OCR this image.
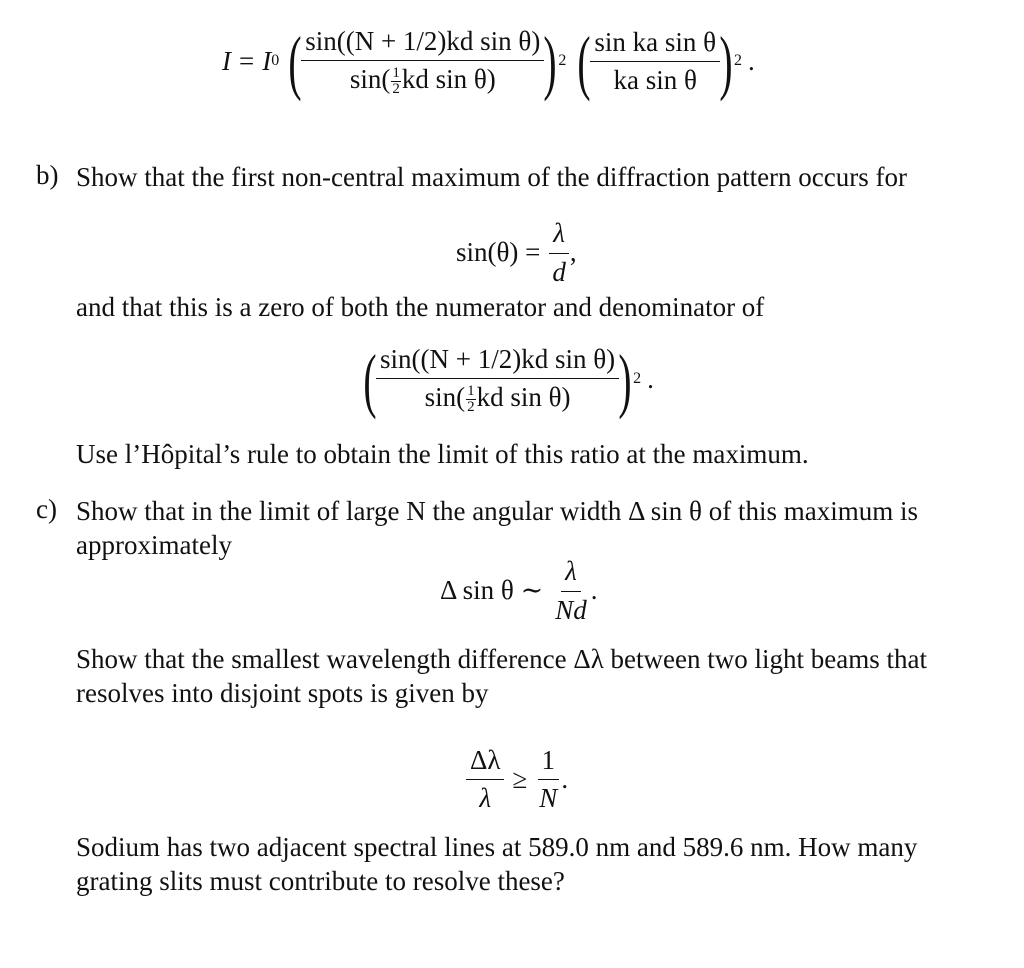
I = I 0 ( $\frac{\text{sin((N + 1/2)kd sin θ)}}{\sin( \frac{1}{2} kd \sin \theta)}$ ) 2 ( $\frac{\text{sin ka sin θ}}{\text{ka sin θ}}$ ) 2 .
b) Show that the first non-central maximum of the diffraction pattern occurs for
$\sin(\theta) = \frac{\lambda}{d}$ ,
and that this is a zero of both the numerator and denominator of
( $\frac{\text{sin((N + 1/2)kd sin θ)}}{\sin( \frac{1}{2} kd \sin \theta)}$ ) 2 .
Use l’Hôpital’s rule to obtain the limit of this ratio at the maximum.
c) Show that in the limit of large N the angular width Δ sin θ of this maximum is approximately
Δ sin θ ∼ $\frac{\lambda}{Nd}$ .
Show that the smallest wavelength difference Δλ between two light beams that resolves into disjoint spots is given by
$\frac{\Delta\lambda}{\lambda} \ge \frac{1}{N}$ .
Sodium has two adjacent spectral lines at 589.0 nm and 589.6 nm. How many grating slits must contribute to resolve these?
